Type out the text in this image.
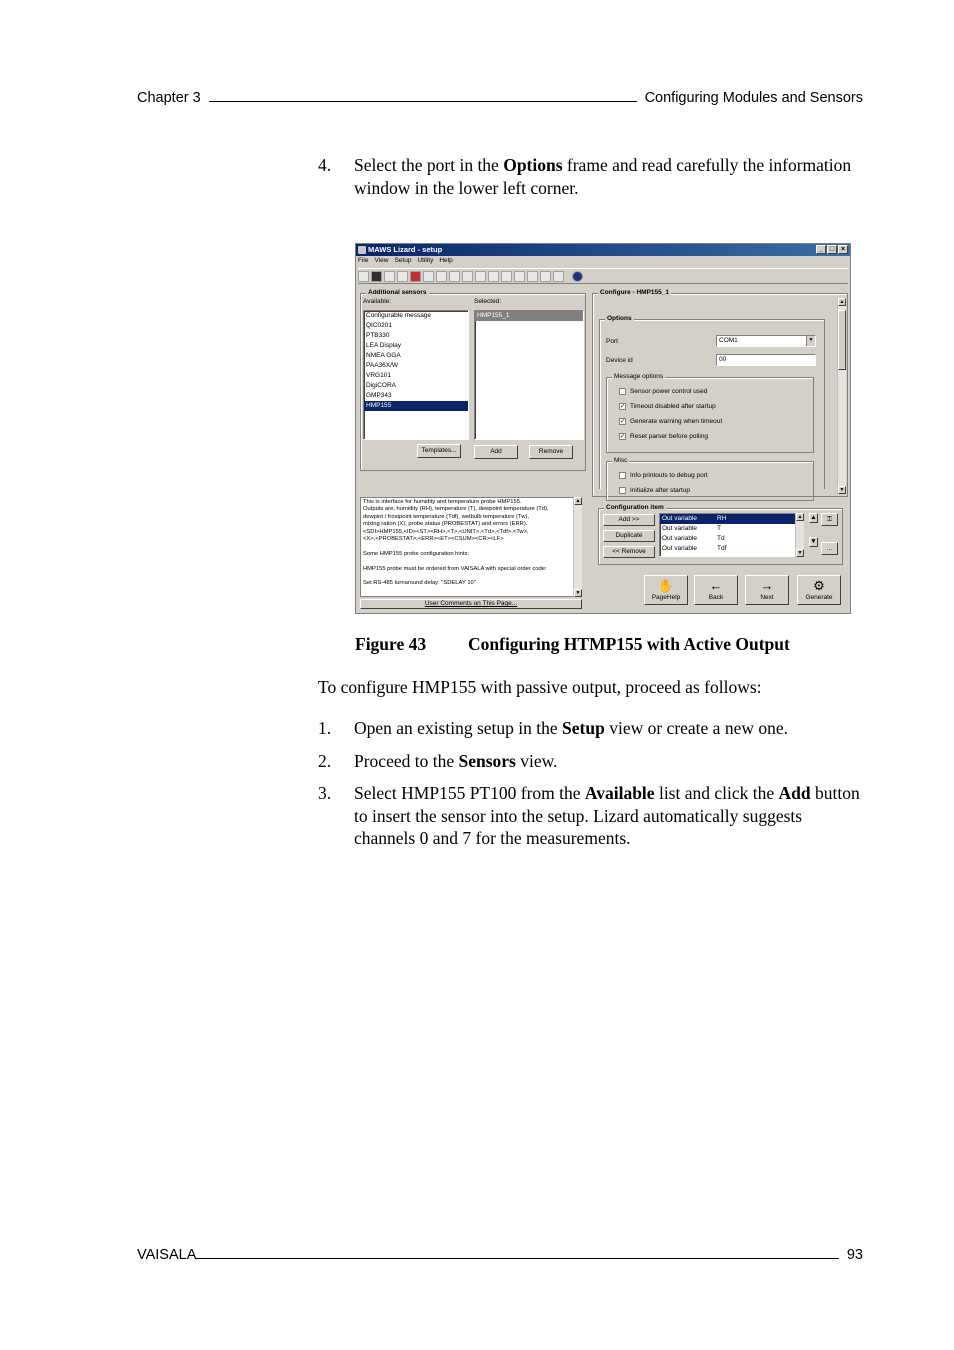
Chapter 3	Configuring Modules and Sensors
4. Select the port in the Options frame and read carefully the information window in the lower left corner.
MAWS Lizard - setup	_ □ ×
File View Setup Utility Help
Additional sensors
Available:	Selected:
Configurable message
QIC0201
PTB330
LEA Display
NMEA GGA
PAA36X/W
VRG101
DigiCORA
GMP343
HMP155
HMP155_1
Templates...	Add	Remove

This is interface for humidity and temperature probe HMP155.

Outputs are, humidity (RH), temperature (T), dewpoint temperature (Td),

dewpint / frostpoint temperature (Tdf), wetbulb temperature (Tw),

mixing ration (X), probe status (PROBESTAT) and errors (ERR).

<SDI>HMP155,<ID><ST><RH>,<T>,<UNIT>,<Td>,<Tdf>,<Tw>,

<X>,<PROBESTAT>,<ERR><ET><CSUM><CR><LF>

Some HMP155 probe configuration hints:

HMP155 probe must be ordered from VAISALA with special order code:

Set RS-485 turnaround delay: "SDELAY 10"

▲
▼
User Comments on This Page...
Configure - HMP155_1
Options
Port	COM1	▼
Device id	00
Message options
Sensor power control used
✓ Timeout disabled after startup
✓ Generate warning when timeout
✓ Reset parser before polling
Misc
Info printouts to debug port
Initialize after startup
▲
▼
Configuration item
Add >>
Duplicate
<< Remove
Out variable	RH
Out variable	T
Out variable	Td
Out variable	Tdf
▲
▼
▲
▼
⚿
...
✋
PageHelp
←
Back
→
Next
⚙
Generate
Figure 43 Configuring HTMP155 with Active Output
To configure HMP155 with passive output, proceed as follows:
1. Open an existing setup in the Setup view or create a new one.
2. Proceed to the Sensors view.
3. Select HMP155 PT100 from the Available list and click the Add button to insert the sensor into the setup. Lizard automatically suggests channels 0 and 7 for the measurements.
VAISALA	93
